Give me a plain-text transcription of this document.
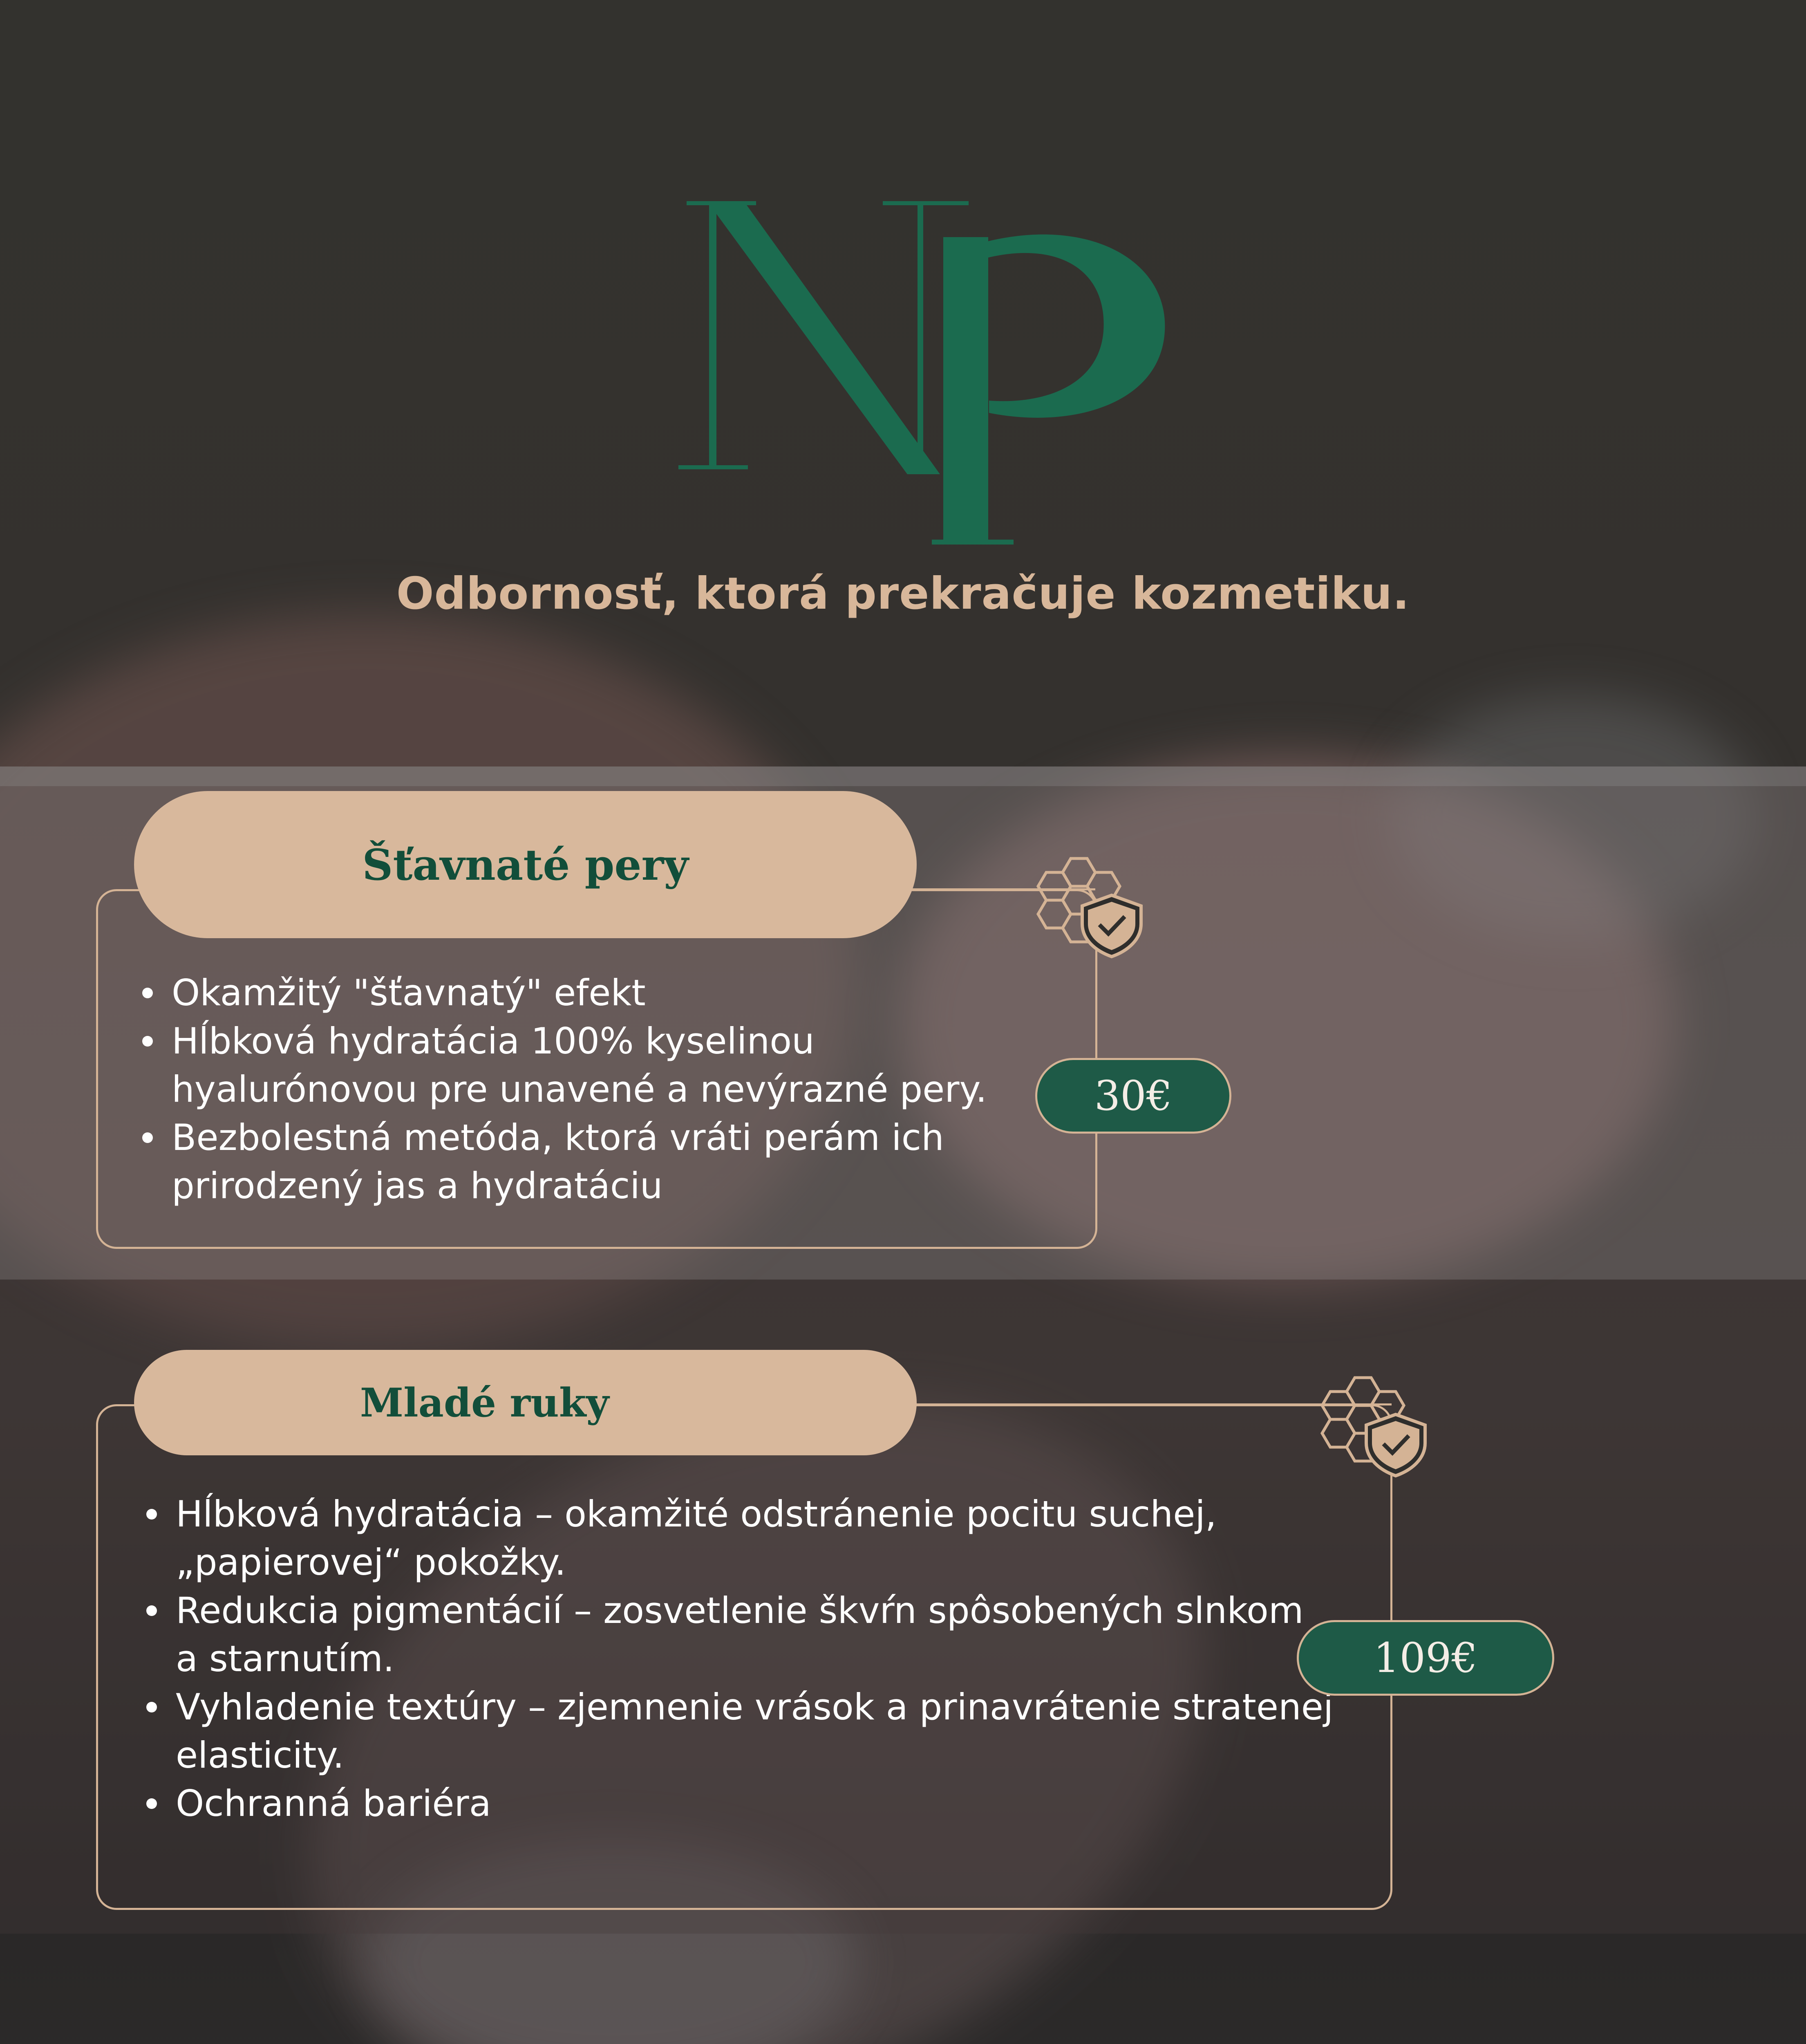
Odbornosť, ktorá prekračuje kozmetiku.
Šťavnaté pery
Okamžitý "šťavnatý" efekt
Hĺbková hydratácia 100% kyselinou hyalurónovou pre unavené a nevýrazné pery.
Bezbolestná metóda, ktorá vráti perám ich prirodzený jas a hydratáciu
30€
Mladé ruky
Hĺbková hydratácia – okamžité odstránenie pocitu suchej, „papierovej“ pokožky.
Redukcia pigmentácií – zosvetlenie škvŕn spôsobených slnkom a starnutím.
Vyhladenie textúry – zjemnenie vrások a prinavrátenie stratenej elasticity.
Ochranná bariéra
109€
